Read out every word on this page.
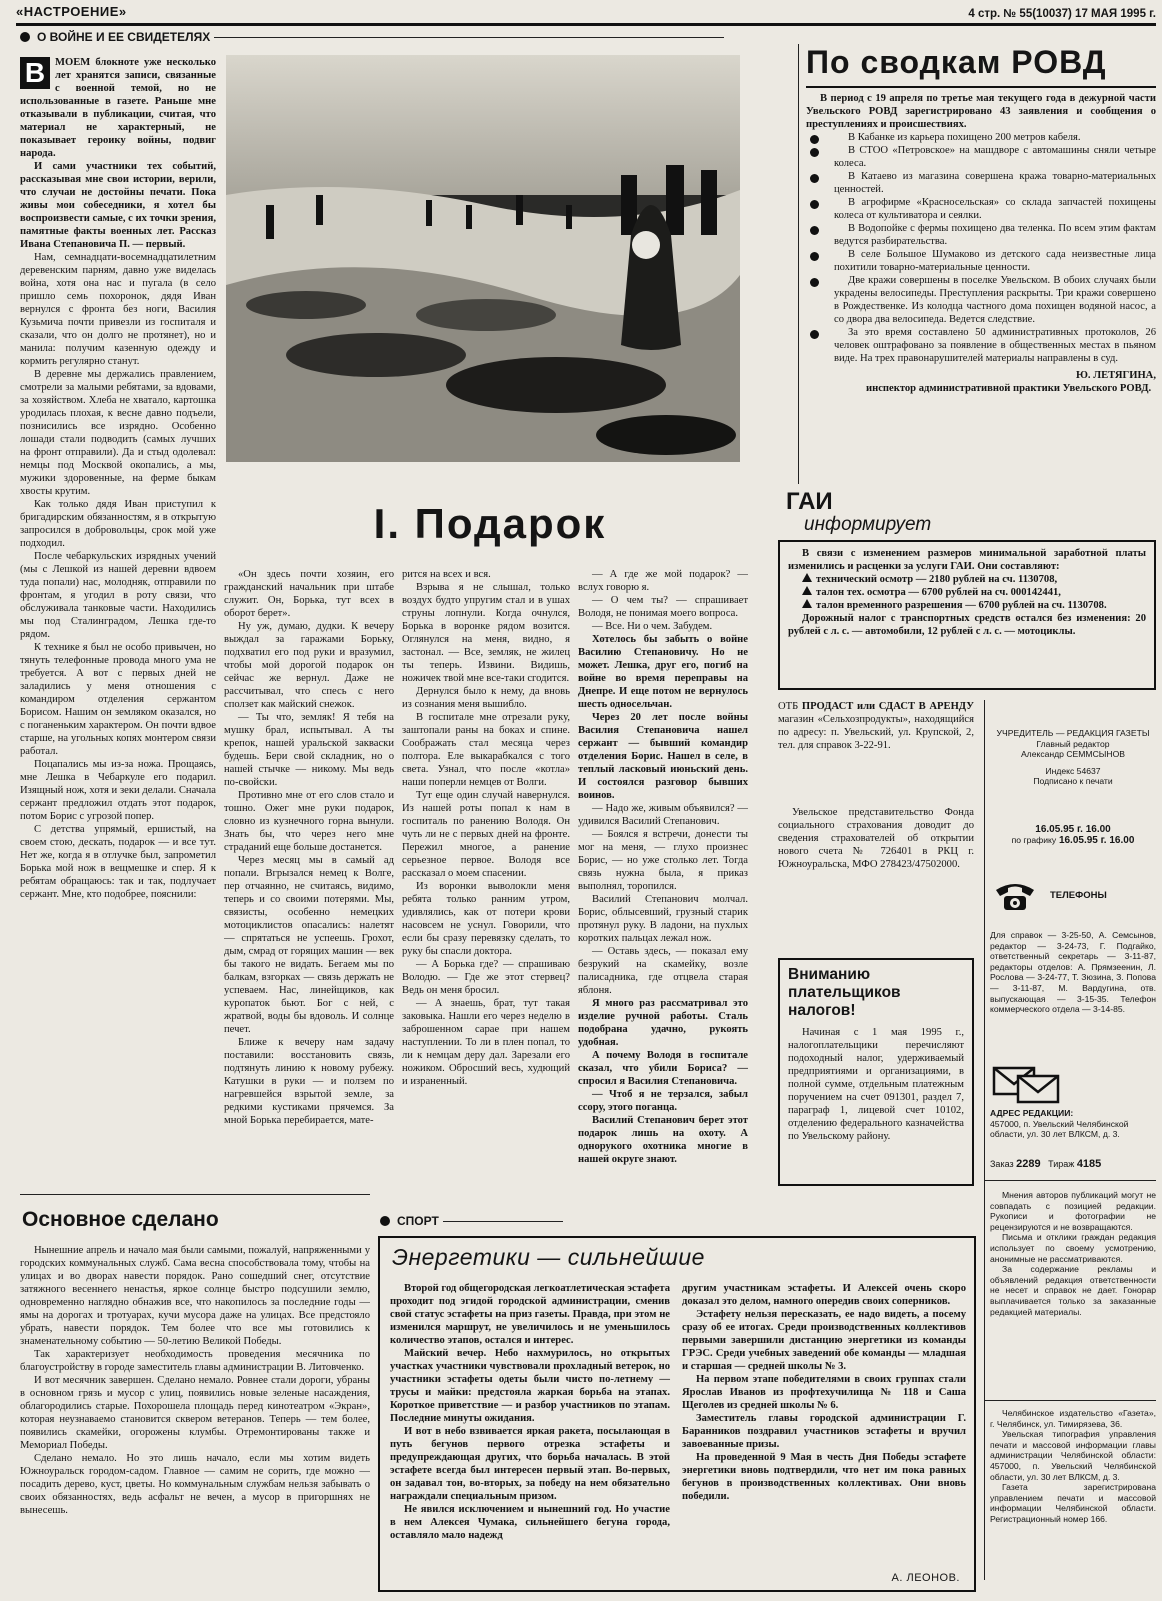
«НАСТРОЕНИЕ»	4 стр. № 55(10037) 17 МАЯ 1995 г.
О ВОЙНЕ И ЕЕ СВИДЕТЕЛЯХ
В МОЕМ блокноте уже несколько лет хранятся записи, связанные с военной темой, но не использованные в газете. Раньше мне отказывали в публикации, считая, что материал не характерный, не показывает героику войны, подвиг народа.

И сами участники тех событий, рассказывая мне свои истории, верили, что случаи не достойны печати. Пока живы мои собеседники, я хотел бы воспроизвести самые, с их точки зрения, памятные факты военных лет. Рассказ Ивана Степановича П. — первый.

Нам, семнадцати-восемнадцатилетним деревенским парням, давно уже виделась война, хотя она нас и пугала (в село пришло семь похоронок, дядя Иван вернулся с фронта без ноги, Василия Кузьмича почти привезли из госпиталя и сказали, что он долго не протянет), но и манила: получим казенную одежду и кормить регулярно станут.

В деревне мы держались правлением, смотрели за малыми ребятами, за вдовами, за хозяйством. Хлеба не хватало, картошка уродилась плохая, к весне давно подъели, познисились все изрядно. Особенно лошади стали подводить (самых лучших на фронт отправили). Да и стыд одолевал: немцы под Москвой окопались, а мы, мужики здоровенные, на ферме быкам хвосты крутим.

Как только дядя Иван приступил к бригадирским обязанностям, я в открытую запросился в добровольцы, срок мой уже подходил.

После чебаркульских изрядных учений (мы с Лешкой из нашей деревни вдвоем туда попали) нас, молодняк, отправили по фронтам, я угодил в роту связи, что обслуживала танковые части. Находились мы под Сталинградом, Лешка где-то рядом.

К технике я был не особо привычен, но тянуть телефонные провода много ума не требуется. А вот с первых дней не заладились у меня отношения с командиром отделения сержантом Борисом. Нашим он земляком оказался, но с поганеньким характером. Он почти вдвое старше, на угольных копях монтером связи работал.

Поцапались мы из-за ножа. Прощаясь, мне Лешка в Чебаркуле его подарил. Изящный нож, хотя и зеки делали. Сначала сержант предложил отдать этот подарок, потом Борис с угрозой попер.

С детства упрямый, ершистый, на своем стою, дескать, подарок — и все тут. Нет же, когда я в отлучке был, запрометил Борька мой нож в вещмешке и спер. Я к ребятам обращаюсь: так и так, подлучает сержант. Мне, кто подобрее, пояснили:

I. Подарок

«Он здесь почти хозяин, его гражданский начальник при штабе служит. Он, Борька, тут всех в оборот берет».

Ну уж, думаю, дудки. К вечеру выждал за гаражами Борьку, подхватил его под руки и вразумил, чтобы мой дорогой подарок он сейчас же вернул. Даже не рассчитывал, что спесь с него сползет как майский снежок.

— Ты что, земляк! Я тебя на мушку брал, испытывал. А ты крепок, нашей уральской закваски будешь. Бери свой складник, но о нашей стычке — никому. Мы ведь по-свойски.

Противно мне от его слов стало и тошно. Ожег мне руки подарок, словно из кузнечного горна вынули. Знать бы, что через него мне страданий еще больше достанется.

Через месяц мы в самый ад попали. Вгрызался немец к Волге, пер отчаянно, не считаясь, видимо, теперь и со своими потерями. Мы, связисты, особенно немецких мотоциклистов опасались: налетят — спрятаться не успеешь. Грохот, дым, смрад от горящих машин — век бы такого не видать. Бегаем мы по балкам, взгорках — связь держать не успеваем. Нас, линейщиков, как куропаток бьют. Бог с ней, с жратвой, воды бы вдоволь. И солнце печет.

Ближе к вечеру нам задачу поставили: восстановить связь, подтянуть линию к новому рубежу. Катушки в руки — и ползем по нагревшейся взрытой земле, за редкими кустиками прячемся. За мной Борька перебирается, мате-

рится на всех и вся.

Взрыва я не слышал, только воздух будто упругим стал и в ушах струны лопнули. Когда очнулся, Борька в воронке рядом возится. Оглянулся на меня, видно, я застонал. — Все, земляк, не жилец ты теперь. Извини. Видишь, ножичек твой мне все-таки сгодится.

Дернулся было к нему, да вновь из сознания меня вышибло.

В госпитале мне отрезали руку, заштопали раны на боках и спине. Соображать стал месяца через полтора. Еле выкарабкался с того света. Узнал, что после «котла» наши поперли немцев от Волги.

Тут еще один случай навернулся. Из нашей роты попал к нам в госпиталь по ранению Володя. Он чуть ли не с первых дней на фронте. Пережил многое, а ранение серьезное первое. Володя все рассказал о моем спасении.

Из воронки выволокли меня ребята только ранним утром, удивлялись, как от потери крови насовсем не уснул. Говорили, что если бы сразу перевязку сделать, то руку бы спасли доктора.

— А Борька где? — спрашиваю Володю. — Где же этот стервец? Ведь он меня бросил.

— А знаешь, брат, тут такая заковыка. Нашли его через неделю в заброшенном сарае при нашем наступлении. То ли в плен попал, то ли к немцам деру дал. Зарезали его ножиком. Обросший весь, худющий и израненный.

— А где же мой подарок? — вслух говорю я.

— О чем ты? — спрашивает Володя, не понимая моего вопроса.

— Все. Ни о чем. Забудем.

Хотелось бы забыть о войне Василию Степановичу. Но не может. Лешка, друг его, погиб на войне во время переправы на Днепре. И еще потом не вернулось шесть односельчан.

Через 20 лет после войны Василия Степановича нашел сержант — бывший командир отделения Борис. Нашел в селе, в теплый ласковый июньский день. И состоялся разговор бывших воинов.

— Надо же, живым объявился? — удивился Василий Степанович.

— Боялся я встречи, донести ты мог на меня, — глухо произнес Борис, — но уже столько лет. Тогда связь нужна была, я приказ выполнял, торопился.

Василий Степанович молчал. Борис, облысевший, грузный старик протянул руку. В ладони, на пухлых коротких пальцах лежал нож.

— Оставь здесь, — показал ему безрукий на скамейку, возле палисадника, где отцвела старая яблоня.

Я много раз рассматривал это изделие ручной работы. Сталь подобрана удачно, рукоять удобная.

А почему Володя в госпитале сказал, что убили Бориса? — спросил я Василия Степановича.

— Чтоб я не терзался, забыл ссору, этого поганца.

Василий Степанович берет этот подарок лишь на охоту. А однорукого охотника многие в нашей округе знают.

По сводкам РОВД

В период с 19 апреля по третье мая текущего года в дежурной части Увельского РОВД зарегистрировано 43 заявления и сообщения о преступлениях и происшествиях.

В Кабанке из карьера похищено 200 метров кабеля.
В СТОО «Петровское» на машдворе с автомашины сняли четыре колеса.
В Катаево из магазина совершена кража товарно-материальных ценностей.
В агрофирме «Красносельская» со склада запчастей похищены колеса от культиватора и сеялки.
В Водопойке с фермы похищено два теленка. По всем этим фактам ведутся разбирательства.
В селе Большое Шумаково из детского сада неизвестные лица похитили товарно-материальные ценности.
Две кражи совершены в поселке Увельском. В обоих случаях были украдены велосипеды. Преступления раскрыты. Три кражи совершено в Рождественке. Из колодца частного дома похищен водяной насос, а со двора два велосипеда. Ведется следствие.
За это время составлено 50 административных протоколов, 26 человек оштрафовано за появление в общественных местах в пьяном виде. На трех правонарушителей материалы направлены в суд.

Ю. ЛЕТЯГИНА,

инспектор административной практики Увельского РОВД.

ГАИ
информирует

В связи с изменением размеров минимальной заработной платы изменились и расценки за услуги ГАИ. Они составляют:

технический осмотр — 2180 рублей на сч. 1130708,

талон тех. осмотра — 6700 рублей на сч. 000142441,

талон временного разрешения — 6700 рублей на сч. 1130708.

Дорожный налог с транспортных средств остался без изменения: 20 рублей с л. с. — автомобили, 12 рублей с л. с. — мотоциклы.

ОТБ ПРОДАСТ или СДАСТ В АРЕНДУ магазин «Сельхозпродукты», находящийся по адресу: п. Увельский, ул. Крупской, 2, тел. для справок 3-22-91.

Увельское представительство Фонда социального страхования доводит до сведения страхователей об открытии нового счета № 726401 в РКЦ г. Южноуральска, МФО 278423/47502000.

Вниманию плательщиков налогов!

Начиная с 1 мая 1995 г., налогоплательщики перечисляют подоходный налог, удерживаемый предприятиями и организациями, в полной сумме, отдельным платежным поручением на счет 091301, раздел 7, параграф 1, лицевой счет 10102, отделению федерального казначейства по Увельскому району.

УЧРЕДИТЕЛЬ — РЕДАКЦИЯ ГАЗЕТЫ
Главный редактор
Александр СЕММСЫНОВ
Индекс 54637
Подписано к печати
16.05.95 г. 16.00
по графику 16.05.95 г. 16.00
ТЕЛЕФОНЫ
Для справок — 3-25-50, А. Семсынов, редактор — 3-24-73, Г. Подгайко, ответственный секретарь — 3-11-87, редакторы отделов: А. Прямзеенин, Л. Рослова — 3-24-77, Т. Зюзина, З. Попова — 3-11-87, М. Вардугина, отв. выпускающая — 3-15-35. Телефон коммерческого отдела — 3-14-85.
АДРЕС РЕДАКЦИИ:
457000, п. Увельский Челябинской области, ул. 30 лет ВЛКСМ, д. 3.
Заказ 2289 Тираж 4185

Мнения авторов публикаций могут не совпадать с позицией редакции. Рукописи и фотографии не рецензируются и не возвращаются.

Письма и отклики граждан редакция использует по своему усмотрению, анонимные не рассматриваются.

За содержание рекламы и объявлений редакция ответственности не несет и справок не дает. Гонорар выплачивается только за заказанные редакцией материалы.

Челябинское издательство «Газета», г. Челябинск, ул. Тимирязева, 36.

Увельская типография управления печати и массовой информации главы администрации Челябинской области: 457000, п. Увельский Челябинской области, ул. 30 лет ВЛКСМ, д. 3.

Газета зарегистрирована управлением печати и массовой информации Челябинской области. Регистрационный номер 166.

Основное сделано

Нынешние апрель и начало мая были самыми, пожалуй, напряженными у городских коммунальных служб. Сама весна способствовала тому, чтобы на улицах и во дворах навести порядок. Рано сошедший снег, отсутствие затяжного весеннего ненастья, яркое солнце быстро подсушили землю, одновременно наглядно обнажив все, что накопилось за последние годы — ямы на дорогах и тротуарах, кучи мусора даже на улицах. Все предстояло убрать, навести порядок. Тем более что все мы готовились к знаменательному событию — 50-летию Великой Победы.

Так характеризует необходимость проведения месячника по благоустройству в городе заместитель главы администрации В. Литовченко.

И вот месячник завершен. Сделано немало. Ровнее стали дороги, убраны в основном грязь и мусор с улиц, появились новые зеленые насаждения, облагородились старые. Похорошела площадь перед кинотеатром «Экран», которая неузнаваемо становится сквером ветеранов. Теперь — тем более, появились скамейки, огорожены клумбы. Отремонтированы также и Мемориал Победы.

Сделано немало. Но это лишь начало, если мы хотим видеть Южноуральск городом-садом. Главное — самим не сорить, где можно — посадить дерево, куст, цветы. Но коммунальным службам нельзя забывать о своих обязанностях, ведь асфальт не вечен, а мусор в пригоршнях не вынесешь.

СПОРТ
Энергетики — сильнейшие

Второй год общегородская легкоатлетическая эстафета проходит под эгидой городской администрации, сменив свой статус эстафеты на приз газеты. Правда, при этом не изменился маршрут, не увеличилось и не уменьшилось количество этапов, остался и интерес.

Майский вечер. Небо нахмурилось, но открытых участках участники чувствовали прохладный ветерок, но участники эстафеты одеты были чисто по-летнему — трусы и майки: предстояла жаркая борьба на этапах. Короткое приветствие — и разбор участников по этапам. Последние минуты ожидания.

И вот в небо взвивается яркая ракета, посылающая в путь бегунов первого отрезка эстафеты и предупреждающая других, что борьба началась. В этой эстафете всегда был интересен первый этап. Во-первых, он задавал тон, во-вторых, за победу на нем обязательно награждали специальным призом.

Не явился исключением и нынешний год. Но участие в нем Алексея Чумака, сильнейшего бегуна города, оставляло мало надежд

другим участникам эстафеты. И Алексей очень скоро доказал это делом, намного опередив своих соперников.

Эстафету нельзя пересказать, ее надо видеть, а посему сразу об ее итогах. Среди производственных коллективов первыми завершили дистанцию энергетики из команды ГРЭС. Среди учебных заведений обе команды — младшая и старшая — средней школы № 3.

На первом этапе победителями в своих группах стали Ярослав Иванов из профтехучилища № 118 и Саша Щеголев из средней школы № 6.

Заместитель главы городской администрации Г. Баранников поздравил участников эстафеты и вручил завоеванные призы.

На проведенной 9 Мая в честь Дня Победы эстафете энергетики вновь подтвердили, что нет им пока равных бегунов в производственных коллективах. Они вновь победили.

А. ЛЕОНОВ.
